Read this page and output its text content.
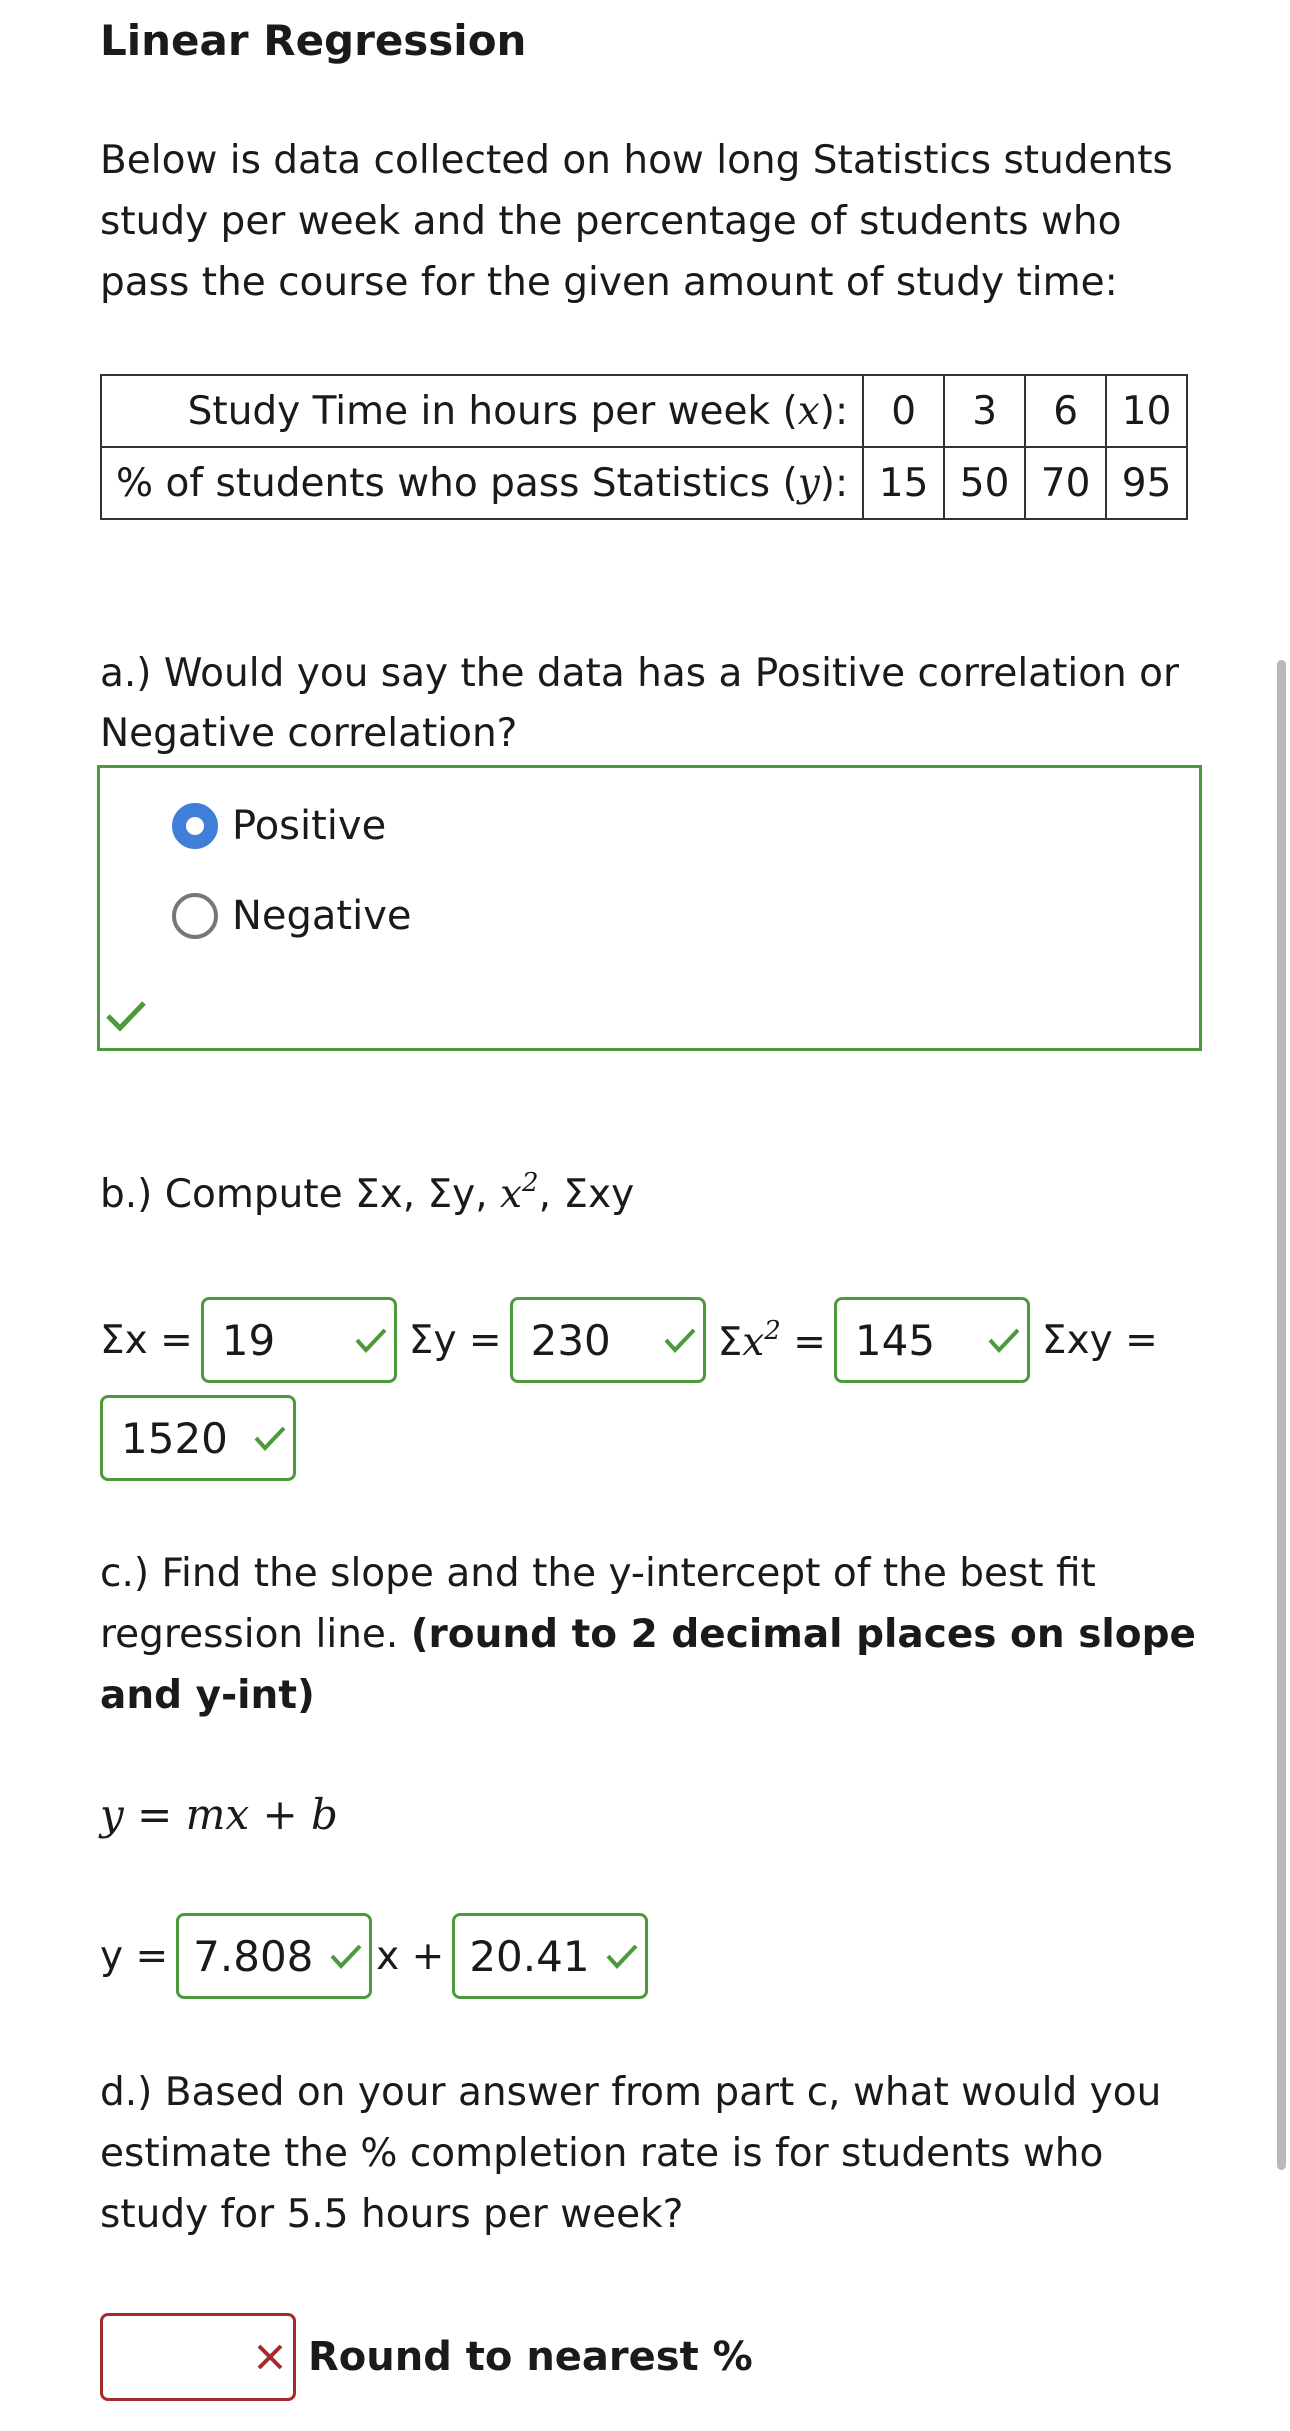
Linear Regression
Below is data collected on how long Statistics students study per week and the percentage of students who pass the course for the given amount of study time:
Study Time in hours per week (x):	0	3	6	10
% of students who pass Statistics (y):	15	50	70	95
a.) Would you say the data has a Positive correlation or Negative correlation?
Positive
Negative
b.) Compute Σx, Σy, $x^2$, Σxy
Σx = 19	Σy = 230	$\Sigma x^2 = 145$	Σxy =
1520
c.) Find the slope and the y-intercept of the best fit regression line. (round to 2 decimal places on slope and y-int)
y = mx + b
y = 7.808 x + 20.41
d.) Based on your answer from part c, what would you estimate the % completion rate is for students who study for 5.5 hours per week?
Round to nearest %
